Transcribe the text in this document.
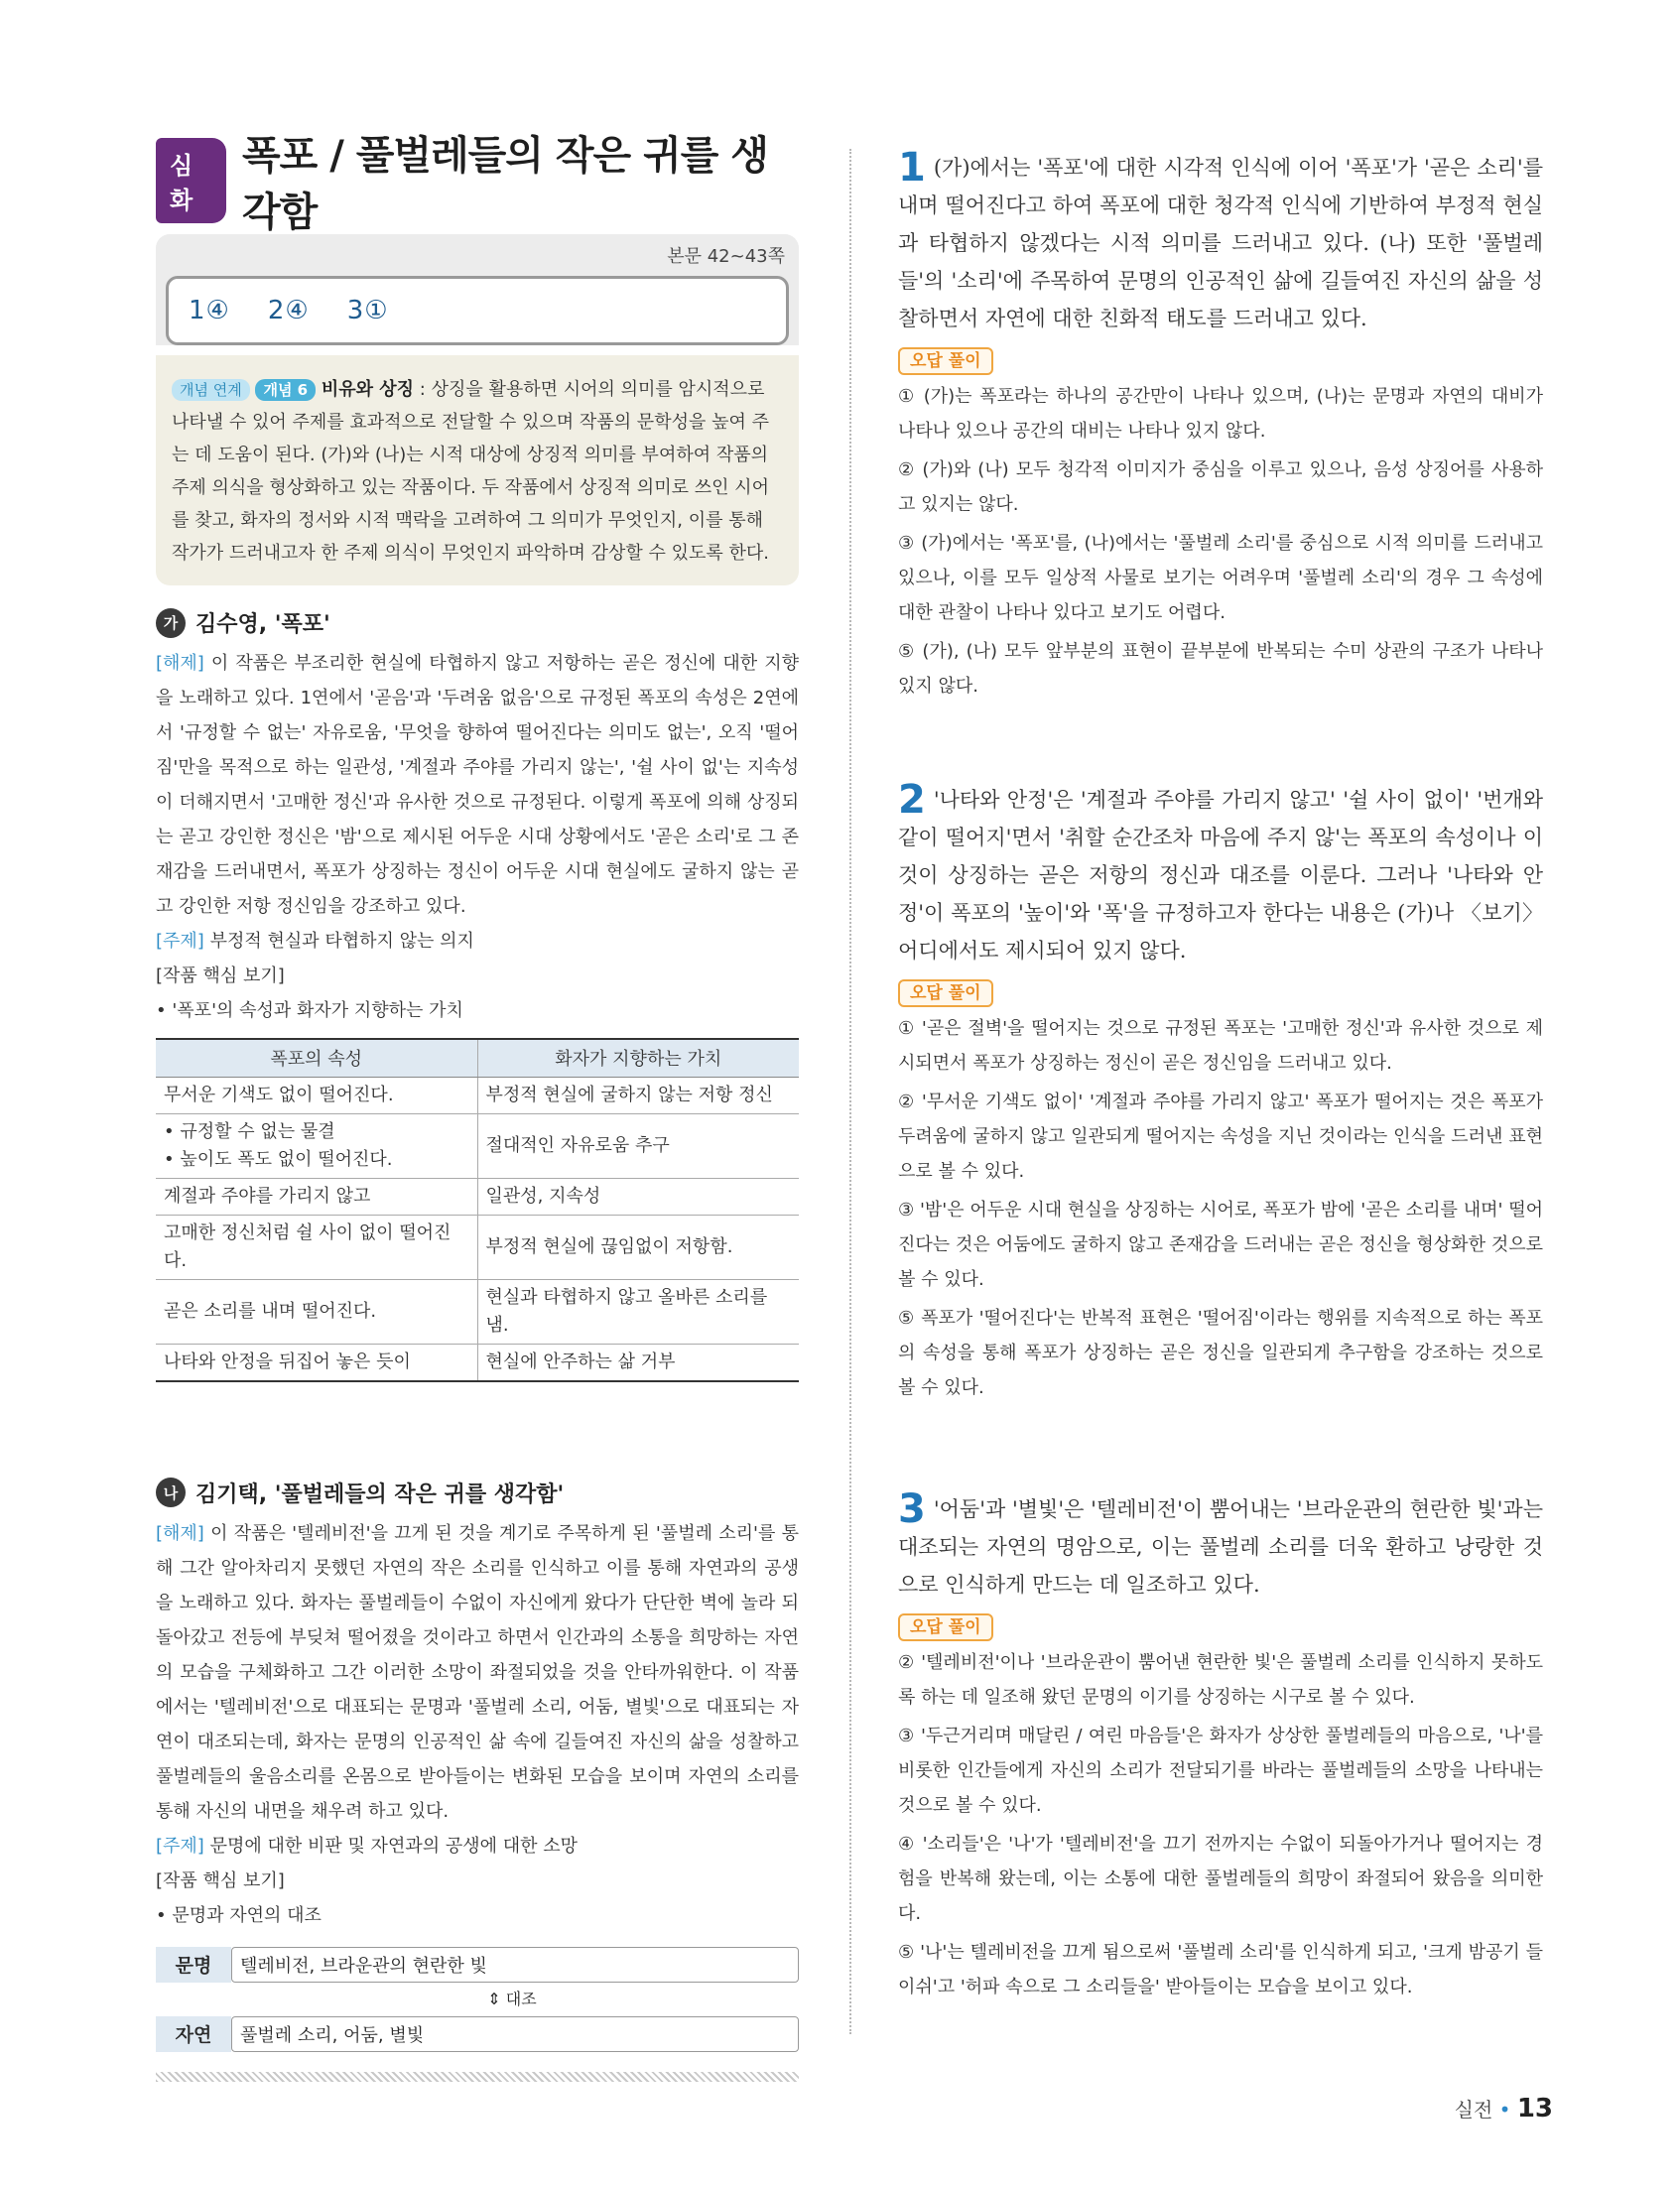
심화
폭포 / 풀벌레들의 작은 귀를 생각함
본문 42~43쪽
1④ 2④ 3①
개념 연계 개념 6 비유와 상징 : 상징을 활용하면 시어의 의미를 암시적으로 나타낼 수 있어 주제를 효과적으로 전달할 수 있으며 작품의 문학성을 높여 주는 데 도움이 된다. (가)와 (나)는 시적 대상에 상징적 의미를 부여하여 작품의 주제 의식을 형상화하고 있는 작품이다. 두 작품에서 상징적 의미로 쓰인 시어를 찾고, 화자의 정서와 시적 맥락을 고려하여 그 의미가 무엇인지, 이를 통해 작가가 드러내고자 한 주제 의식이 무엇인지 파악하며 감상할 수 있도록 한다.
가 김수영, '폭포'
[해제] 이 작품은 부조리한 현실에 타협하지 않고 저항하는 곧은 정신에 대한 지향을 노래하고 있다. 1연에서 '곧음'과 '두려움 없음'으로 규정된 폭포의 속성은 2연에서 '규정할 수 없는' 자유로움, '무엇을 향하여 떨어진다는 의미도 없는', 오직 '떨어짐'만을 목적으로 하는 일관성, '계절과 주야를 가리지 않는', '쉴 사이 없'는 지속성이 더해지면서 '고매한 정신'과 유사한 것으로 규정된다. 이렇게 폭포에 의해 상징되는 곧고 강인한 정신은 '밤'으로 제시된 어두운 시대 상황에서도 '곧은 소리'로 그 존재감을 드러내면서, 폭포가 상징하는 정신이 어두운 시대 현실에도 굴하지 않는 곧고 강인한 저항 정신임을 강조하고 있다.
[주제] 부정적 현실과 타협하지 않는 의지
[작품 핵심 보기]
• '폭포'의 속성과 화자가 지향하는 가치
폭포의 속성	화자가 지향하는 가치
무서운 기색도 없이 떨어진다.	부정적 현실에 굴하지 않는 저항 정신
• 규정할 수 없는 물결
• 높이도 폭도 없이 떨어진다.	절대적인 자유로움 추구
계절과 주야를 가리지 않고	일관성, 지속성
고매한 정신처럼 쉴 사이 없이 떨어진다.	부정적 현실에 끊임없이 저항함.
곧은 소리를 내며 떨어진다.	현실과 타협하지 않고 올바른 소리를 냄.
나타와 안정을 뒤집어 놓은 듯이	현실에 안주하는 삶 거부
나 김기택, '풀벌레들의 작은 귀를 생각함'
[해제] 이 작품은 '텔레비전'을 끄게 된 것을 계기로 주목하게 된 '풀벌레 소리'를 통해 그간 알아차리지 못했던 자연의 작은 소리를 인식하고 이를 통해 자연과의 공생을 노래하고 있다. 화자는 풀벌레들이 수없이 자신에게 왔다가 단단한 벽에 놀라 되돌아갔고 전등에 부딪쳐 떨어졌을 것이라고 하면서 인간과의 소통을 희망하는 자연의 모습을 구체화하고 그간 이러한 소망이 좌절되었을 것을 안타까워한다. 이 작품에서는 '텔레비전'으로 대표되는 문명과 '풀벌레 소리, 어둠, 별빛'으로 대표되는 자연이 대조되는데, 화자는 문명의 인공적인 삶 속에 길들여진 자신의 삶을 성찰하고 풀벌레들의 울음소리를 온몸으로 받아들이는 변화된 모습을 보이며 자연의 소리를 통해 자신의 내면을 채우려 하고 있다.
[주제] 문명에 대한 비판 및 자연과의 공생에 대한 소망
[작품 핵심 보기]
• 문명과 자연의 대조
문명	텔레비전, 브라운관의 현란한 빛
⇕ 대조
자연	풀벌레 소리, 어둠, 별빛
1 (가)에서는 '폭포'에 대한 시각적 인식에 이어 '폭포'가 '곧은 소리'를 내며 떨어진다고 하여 폭포에 대한 청각적 인식에 기반하여 부정적 현실과 타협하지 않겠다는 시적 의미를 드러내고 있다. (나) 또한 '풀벌레들'의 '소리'에 주목하여 문명의 인공적인 삶에 길들여진 자신의 삶을 성찰하면서 자연에 대한 친화적 태도를 드러내고 있다.
오답 풀이
① (가)는 폭포라는 하나의 공간만이 나타나 있으며, (나)는 문명과 자연의 대비가 나타나 있으나 공간의 대비는 나타나 있지 않다.
② (가)와 (나) 모두 청각적 이미지가 중심을 이루고 있으나, 음성 상징어를 사용하고 있지는 않다.
③ (가)에서는 '폭포'를, (나)에서는 '풀벌레 소리'를 중심으로 시적 의미를 드러내고 있으나, 이를 모두 일상적 사물로 보기는 어려우며 '풀벌레 소리'의 경우 그 속성에 대한 관찰이 나타나 있다고 보기도 어렵다.
⑤ (가), (나) 모두 앞부분의 표현이 끝부분에 반복되는 수미 상관의 구조가 나타나 있지 않다.
2 '나타와 안정'은 '계절과 주야를 가리지 않고' '쉴 사이 없이' '번개와 같이 떨어지'면서 '취할 순간조차 마음에 주지 않'는 폭포의 속성이나 이것이 상징하는 곧은 저항의 정신과 대조를 이룬다. 그러나 '나타와 안정'이 폭포의 '높이'와 '폭'을 규정하고자 한다는 내용은 (가)나 〈보기〉 어디에서도 제시되어 있지 않다.
오답 풀이
① '곧은 절벽'을 떨어지는 것으로 규정된 폭포는 '고매한 정신'과 유사한 것으로 제시되면서 폭포가 상징하는 정신이 곧은 정신임을 드러내고 있다.
② '무서운 기색도 없이' '계절과 주야를 가리지 않고' 폭포가 떨어지는 것은 폭포가 두려움에 굴하지 않고 일관되게 떨어지는 속성을 지닌 것이라는 인식을 드러낸 표현으로 볼 수 있다.
③ '밤'은 어두운 시대 현실을 상징하는 시어로, 폭포가 밤에 '곧은 소리를 내며' 떨어진다는 것은 어둠에도 굴하지 않고 존재감을 드러내는 곧은 정신을 형상화한 것으로 볼 수 있다.
⑤ 폭포가 '떨어진다'는 반복적 표현은 '떨어짐'이라는 행위를 지속적으로 하는 폭포의 속성을 통해 폭포가 상징하는 곧은 정신을 일관되게 추구함을 강조하는 것으로 볼 수 있다.
3 '어둠'과 '별빛'은 '텔레비전'이 뿜어내는 '브라운관의 현란한 빛'과는 대조되는 자연의 명암으로, 이는 풀벌레 소리를 더욱 환하고 낭랑한 것으로 인식하게 만드는 데 일조하고 있다.
오답 풀이
② '텔레비전'이나 '브라운관이 뿜어낸 현란한 빛'은 풀벌레 소리를 인식하지 못하도록 하는 데 일조해 왔던 문명의 이기를 상징하는 시구로 볼 수 있다.
③ '두근거리며 매달린 / 여린 마음들'은 화자가 상상한 풀벌레들의 마음으로, '나'를 비롯한 인간들에게 자신의 소리가 전달되기를 바라는 풀벌레들의 소망을 나타내는 것으로 볼 수 있다.
④ '소리들'은 '나'가 '텔레비전'을 끄기 전까지는 수없이 되돌아가거나 떨어지는 경험을 반복해 왔는데, 이는 소통에 대한 풀벌레들의 희망이 좌절되어 왔음을 의미한다.
⑤ '나'는 텔레비전을 끄게 됨으로써 '풀벌레 소리'를 인식하게 되고, '크게 밤공기 들이쉬'고 '허파 속으로 그 소리들을' 받아들이는 모습을 보이고 있다.
실전 • 13
